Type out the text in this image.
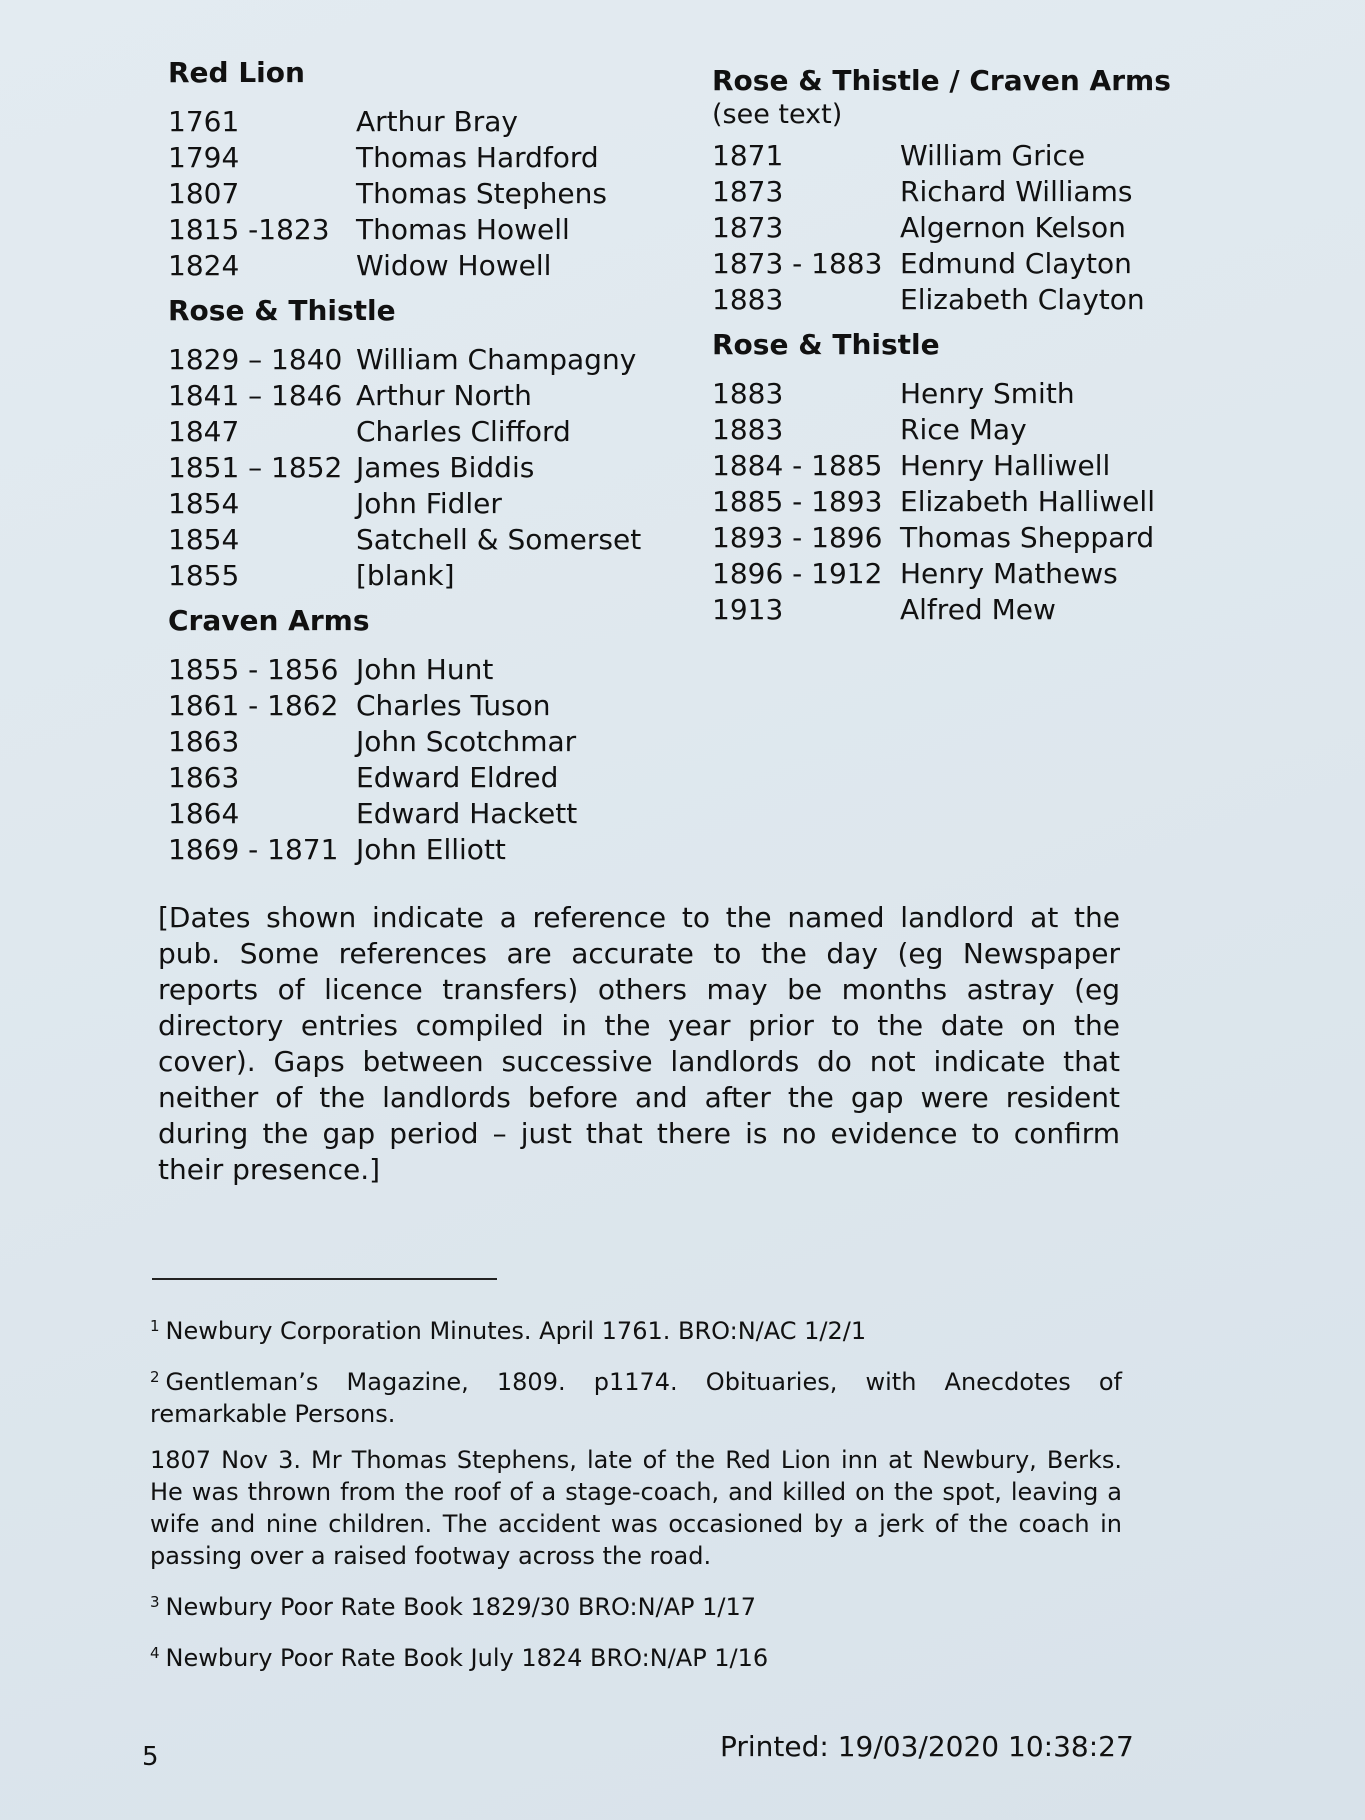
Red Lion
1761	Arthur Bray
1794	Thomas Hardford
1807	Thomas Stephens
1815 -1823 Thomas Howell
1824	Widow Howell
Rose & Thistle
1829 – 1840 William Champagny
1841 – 1846 Arthur North
1847	Charles Clifford
1851 – 1852 James Biddis
1854	John Fidler
1854	Satchell & Somerset
1855	[blank]
Craven Arms
1855 - 1856 John Hunt
1861 - 1862 Charles Tuson
1863	John Scotchmar
1863	Edward Eldred
1864	Edward Hackett
1869 - 1871 John Elliott
Rose & Thistle / Craven Arms
(see text)
1871	William Grice
1873	Richard Williams
1873	Algernon Kelson
1873 - 1883 Edmund Clayton
1883	Elizabeth Clayton
Rose & Thistle
1883	Henry Smith
1883	Rice May
1884 - 1885 Henry Halliwell
1885 - 1893 Elizabeth Halliwell
1893 - 1896 Thomas Sheppard
1896 - 1912 Henry Mathews
1913	Alfred Mew
[Dates shown indicate a reference to the named landlord at the pub. Some references are accurate to the day (eg Newspaper reports of licence transfers) others may be months astray (eg directory entries compiled in the year prior to the date on the cover). Gaps between successive landlords do not indicate that neither of the landlords before and after the gap were resident during the gap period – just that there is no evidence to confirm their presence.]
$^1$ Newbury Corporation Minutes. April 1761. BRO:N/AC 1/2/1
$^2$ Gentleman’s Magazine, 1809. p1174. Obituaries, with Anecdotes of remarkable Persons.
1807 Nov 3. Mr Thomas Stephens, late of the Red Lion inn at Newbury, Berks. He was thrown from the roof of a stage-coach, and killed on the spot, leaving a wife and nine children. The accident was occasioned by a jerk of the coach in passing over a raised footway across the road.
$^3$ Newbury Poor Rate Book 1829/30 BRO:N/AP 1/17
$^4$ Newbury Poor Rate Book July 1824 BRO:N/AP 1/16
5	Printed: 19/03/2020 10:38:27
